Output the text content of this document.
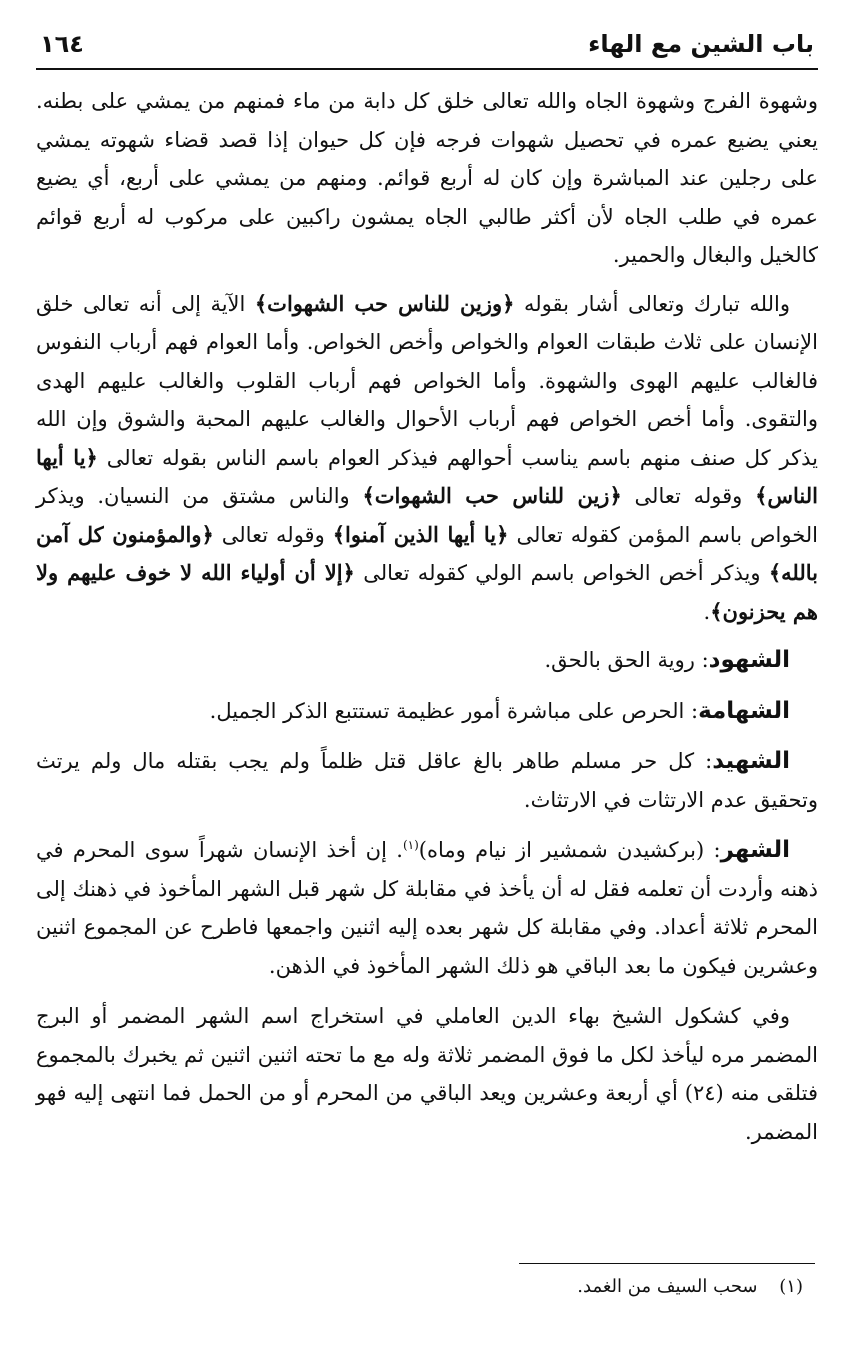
باب الشين مع الهاء
١٦٤

وشهوة الفرج وشهوة الجاه والله تعالى خلق كل دابة من ماء فمنهم من يمشي على بطنه. يعني يضيع عمره في تحصيل شهوات فرجه فإن كل حيوان إذا قصد قضاء شهوته يمشي على رجلين عند المباشرة وإن كان له أربع قوائم. ومنهم من يمشي على أربع، أي يضيع عمره في طلب الجاه لأن أكثر طالبي الجاه يمشون راكبين على مركوب له أربع قوائم كالخيل والبغال والحمير.

والله تبارك وتعالى أشار بقوله ﴿وزين للناس حب الشهوات﴾ الآية إلى أنه تعالى خلق الإنسان على ثلاث طبقات العوام والخواص وأخص الخواص. وأما العوام فهم أرباب النفوس فالغالب عليهم الهوى والشهوة. وأما الخواص فهم أرباب القلوب والغالب عليهم الهدى والتقوى. وأما أخص الخواص فهم أرباب الأحوال والغالب عليهم المحبة والشوق وإن الله يذكر كل صنف منهم باسم يناسب أحوالهم فيذكر العوام باسم الناس بقوله تعالى ﴿يا أيها الناس﴾ وقوله تعالى ﴿زين للناس حب الشهوات﴾ والناس مشتق من النسيان. ويذكر الخواص باسم المؤمن كقوله تعالى ﴿يا أيها الذين آمنوا﴾ وقوله تعالى ﴿والمؤمنون كل آمن بالله﴾ ويذكر أخص الخواص باسم الولي كقوله تعالى ﴿إلا أن أولياء الله لا خوف عليهم ولا هم يحزنون﴾.

الشهود: روية الحق بالحق.

الشهامة: الحرص على مباشرة أمور عظيمة تستتبع الذكر الجميل.

الشهيد: كل حر مسلم طاهر بالغ عاقل قتل ظلماً ولم يجب بقتله مال ولم يرتث وتحقيق عدم الارتثات في الارتثاث.

الشهر: (بركشيدن شمشير از نيام وماه)$^{(١)}$. إن أخذ الإنسان شهراً سوى المحرم في ذهنه وأردت أن تعلمه فقل له أن يأخذ في مقابلة كل شهر قبل الشهر المأخوذ في ذهنك إلى المحرم ثلاثة أعداد. وفي مقابلة كل شهر بعده إليه اثنين واجمعها فاطرح عن المجموع اثنين وعشرين فيكون ما بعد الباقي هو ذلك الشهر المأخوذ في الذهن.

وفي كشكول الشيخ بهاء الدين العاملي في استخراج اسم الشهر المضمر أو البرج المضمر مره ليأخذ لكل ما فوق المضمر ثلاثة وله مع ما تحته اثنين اثنين ثم يخبرك بالمجموع فتلقى منه (٢٤) أي أربعة وعشرين ويعد الباقي من المحرم أو من الحمل فما انتهى إليه فهو المضمر.

(١) سحب السيف من الغمد.
